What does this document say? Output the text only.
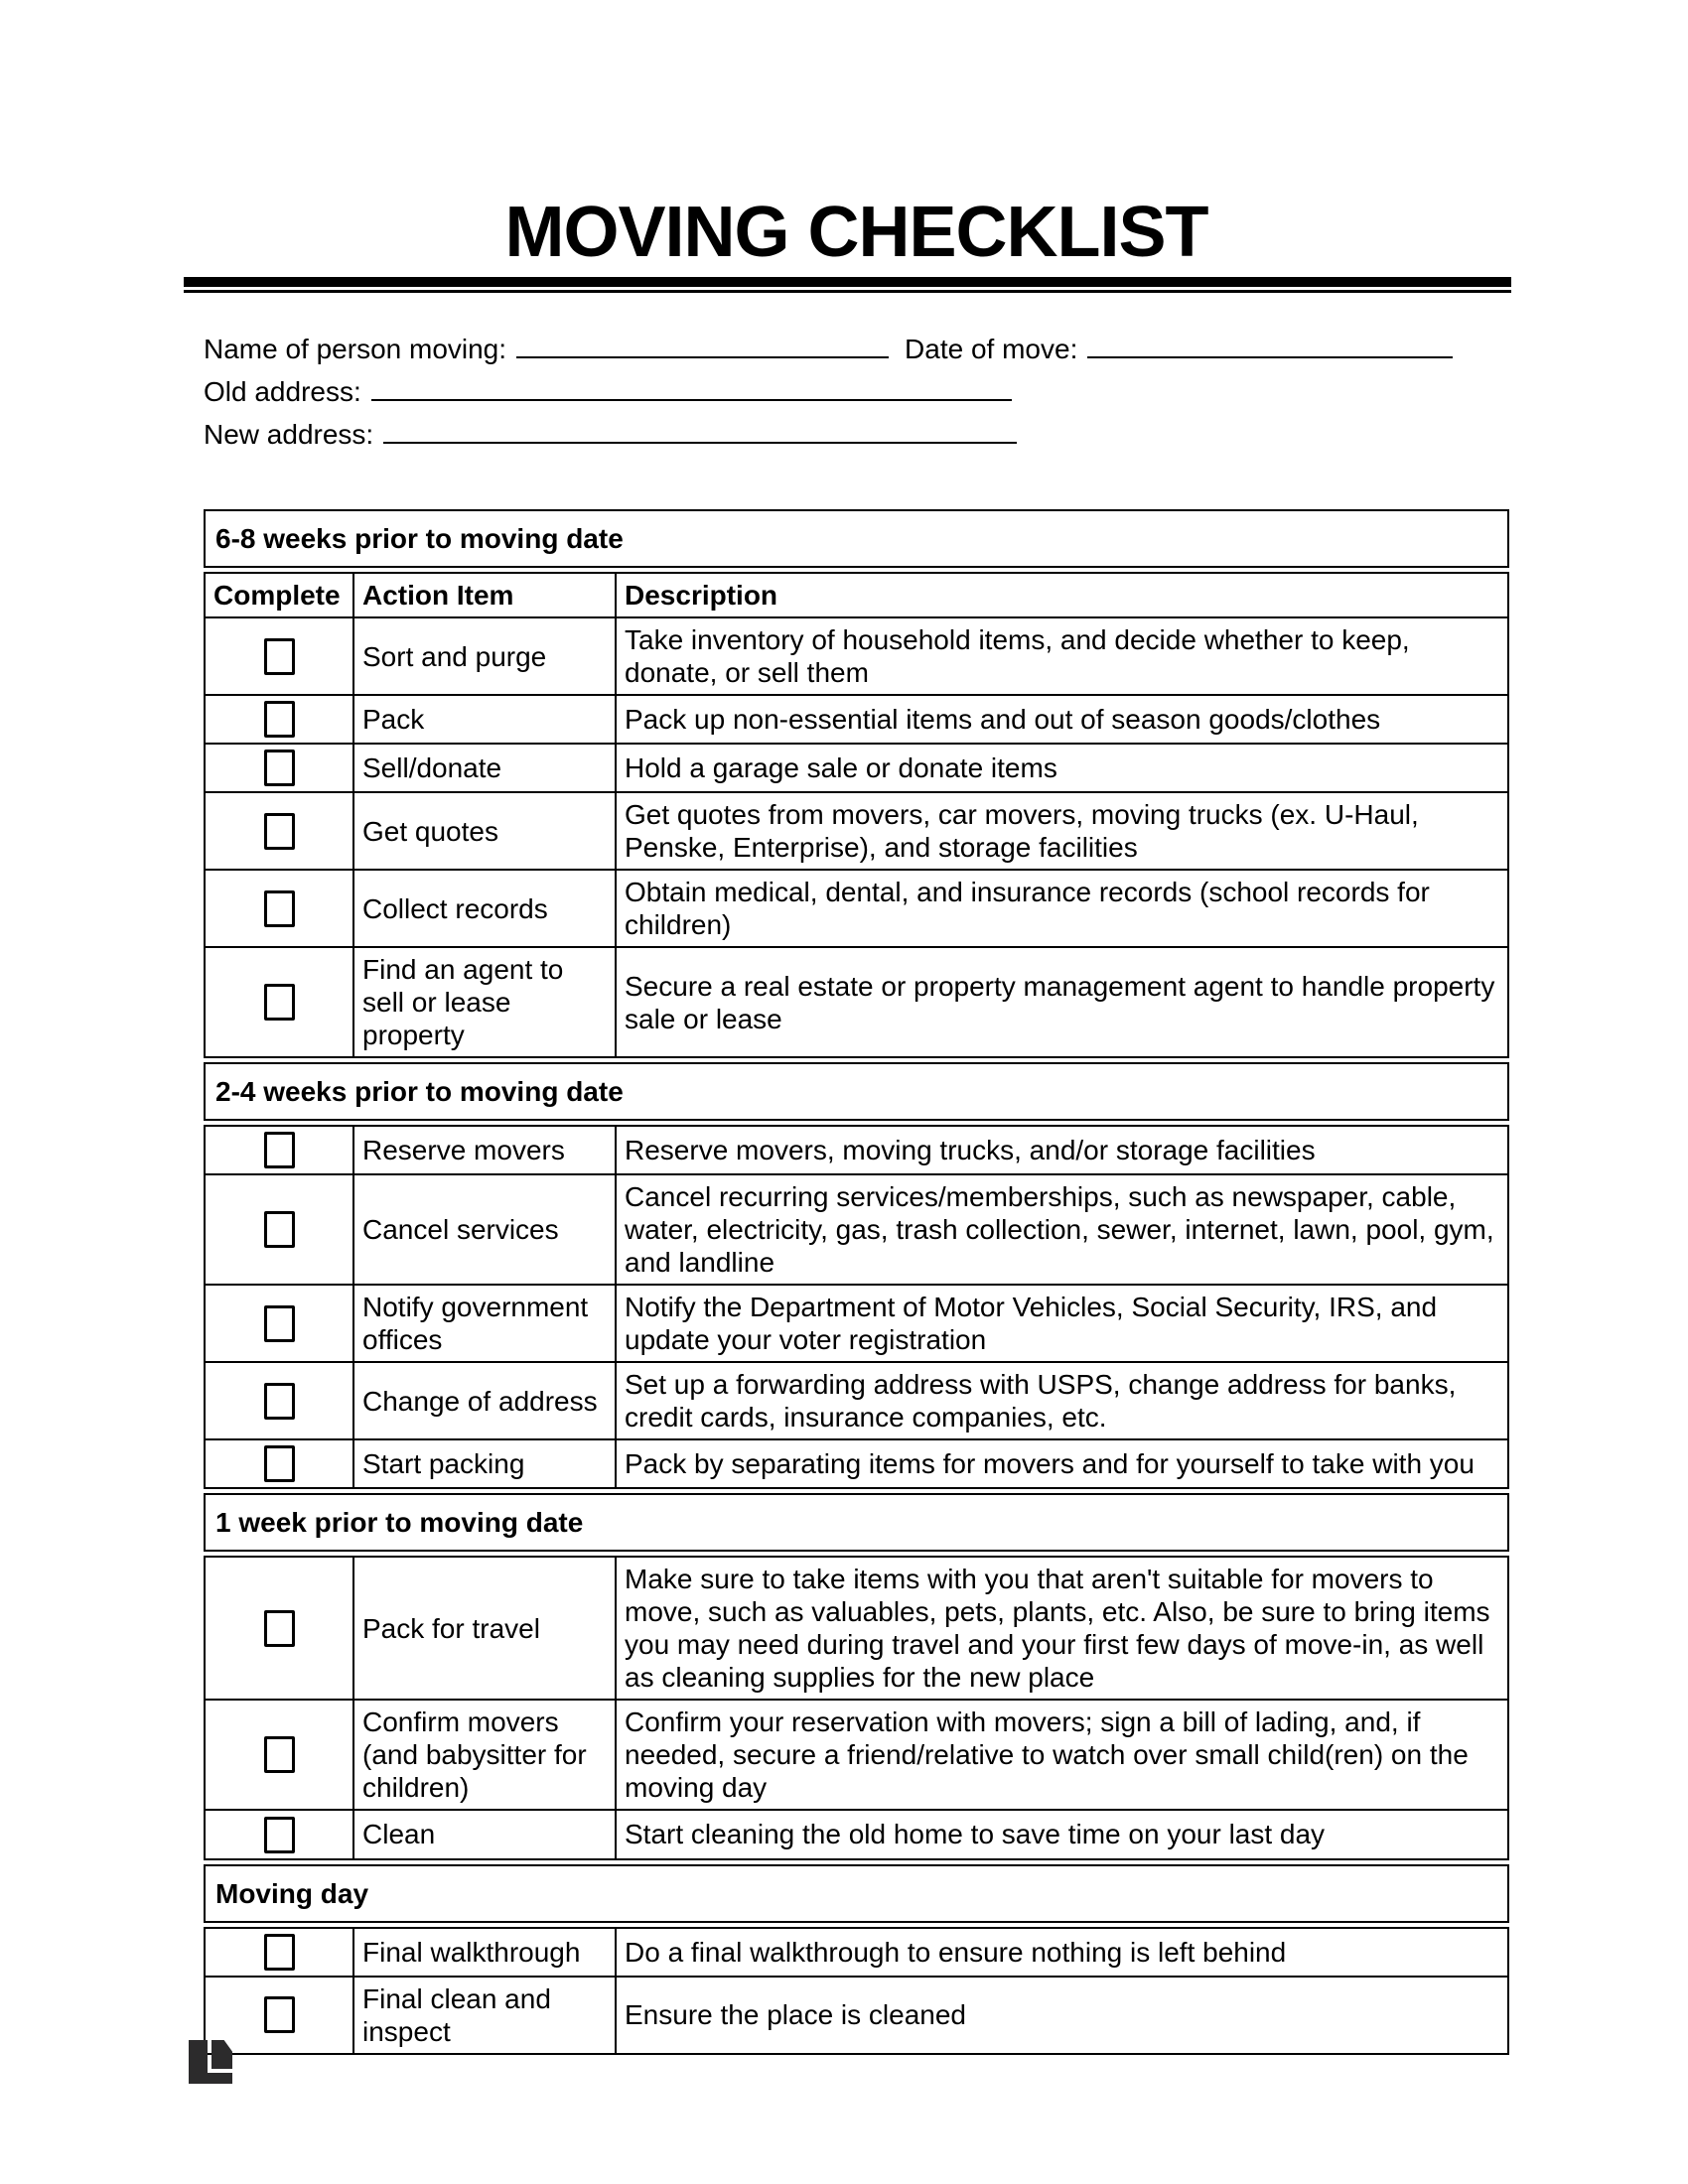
MOVING CHECKLIST
Name of person moving:	Date of move:
Old address:
New address:
6-8 weeks prior to moving date
Complete	Action Item	Description
	Sort and purge	Take inventory of household items, and decide whether to keep, donate, or sell them
	Pack	Pack up non-essential items and out of season goods/clothes
	Sell/donate	Hold a garage sale or donate items
	Get quotes	Get quotes from movers, car movers, moving trucks (ex. U-Haul, Penske, Enterprise), and storage facilities
	Collect records	Obtain medical, dental, and insurance records (school records for children)
	Find an agent to sell or lease property	Secure a real estate or property management agent to handle property sale or lease
2-4 weeks prior to moving date
	Reserve movers	Reserve movers, moving trucks, and/or storage facilities
	Cancel services	Cancel recurring services/memberships, such as newspaper, cable, water, electricity, gas, trash collection, sewer, internet, lawn, pool, gym, and landline
	Notify government offices	Notify the Department of Motor Vehicles, Social Security, IRS, and update your voter registration
	Change of address	Set up a forwarding address with USPS, change address for banks, credit cards, insurance companies, etc.
	Start packing	Pack by separating items for movers and for yourself to take with you
1 week prior to moving date
	Pack for travel	Make sure to take items with you that aren't suitable for movers to move, such as valuables, pets, plants, etc. Also, be sure to bring items you may need during travel and your first few days of move-in, as well as cleaning supplies for the new place
	Confirm movers (and babysitter for children)	Confirm your reservation with movers; sign a bill of lading, and, if needed, secure a friend/relative to watch over small child(ren) on the moving day
	Clean	Start cleaning the old home to save time on your last day
Moving day
	Final walkthrough	Do a final walkthrough to ensure nothing is left behind
	Final clean and inspect	Ensure the place is cleaned
